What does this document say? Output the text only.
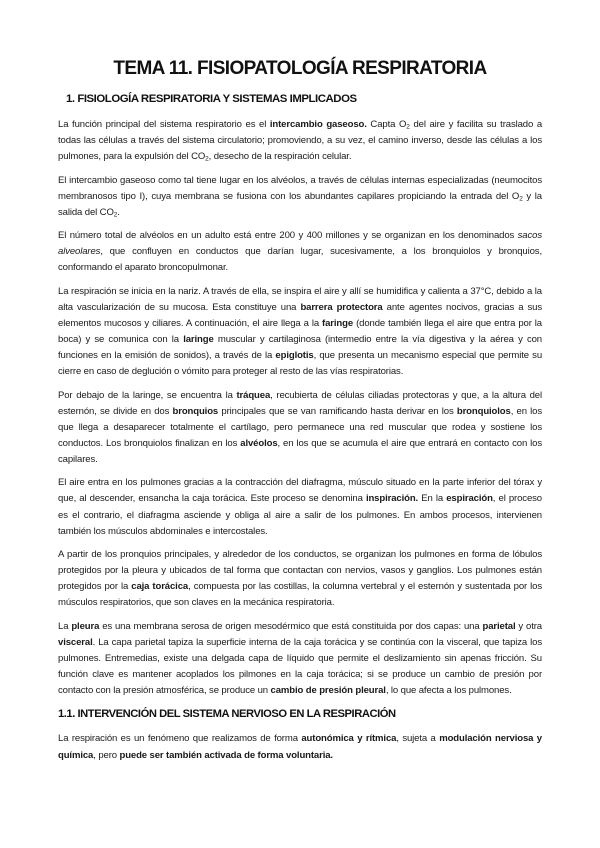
TEMA 11. FISIOPATOLOGÍA RESPIRATORIA
1. FISIOLOGÍA RESPIRATORIA Y SISTEMAS IMPLICADOS

La función principal del sistema respiratorio es el intercambio gaseoso. Capta $O_2$ del aire y facilita su traslado a todas las células a través del sistema circulatorio; promoviendo, a su vez, el camino inverso, desde las células a los pulmones, para la expulsión del $CO_2$, desecho de la respiración celular.

El intercambio gaseoso como tal tiene lugar en los alvéolos, a través de células internas especializadas (neumocitos membranosos tipo I), cuya membrana se fusiona con los abundantes capilares propiciando la entrada del $O_2$ y la salida del $CO_2$.

El número total de alvéolos en un adulto está entre 200 y 400 millones y se organizan en los denominados sacos alveolares, que confluyen en conductos que darían lugar, sucesivamente, a los bronquiolos y bronquios, conformando el aparato broncopulmonar.

La respiración se inicia en la nariz. A través de ella, se inspira el aire y allí se humidifica y calienta a 37°C, debido a la alta vascularización de su mucosa. Esta constituye una barrera protectora ante agentes nocivos, gracias a sus elementos mucosos y ciliares. A continuación, el aire llega a la faringe (donde también llega el aire que entra por la boca) y se comunica con la laringe muscular y cartilaginosa (intermedio entre la vía digestiva y la aérea y con funciones en la emisión de sonidos), a través de la epiglotis, que presenta un mecanismo especial que permite su cierre en caso de deglución o vómito para proteger al resto de las vías respiratorias.

Por debajo de la laringe, se encuentra la tráquea, recubierta de células ciliadas protectoras y que, a la altura del esternón, se divide en dos bronquios principales que se van ramificando hasta derivar en los bronquiolos, en los que llega a desaparecer totalmente el cartílago, pero permanece una red muscular que rodea y sostiene los conductos. Los bronquiolos finalizan en los alvéolos, en los que se acumula el aire que entrará en contacto con los capilares.

El aire entra en los pulmones gracias a la contracción del diafragma, músculo situado en la parte inferior del tórax y que, al descender, ensancha la caja torácica. Este proceso se denomina inspiración. En la espiración, el proceso es el contrario, el diafragma asciende y obliga al aire a salir de los pulmones. En ambos procesos, intervienen también los músculos abdominales e intercostales.

A partir de los pronquios principales, y alrededor de los conductos, se organizan los pulmones en forma de lóbulos protegidos por la pleura y ubicados de tal forma que contactan con nervios, vasos y ganglios. Los pulmones están protegidos por la caja torácica, compuesta por las costillas, la columna vertebral y el esternón y sustentada por los músculos respiratorios, que son claves en la mecánica respiratoria.

La pleura es una membrana serosa de origen mesodérmico que está constituida por dos capas: una parietal y otra visceral. La capa parietal tapiza la superficie interna de la caja torácica y se continúa con la visceral, que tapiza los pulmones. Entremedias, existe una delgada capa de líquido que permite el deslizamiento sin apenas fricción. Su función clave es mantener acoplados los pilmones en la caja torácica; si se produce un cambio de presión por contacto con la presión atmosférica, se produce un cambio de presión pleural, lo que afecta a los pulmones.

1.1. INTERVENCIÓN DEL SISTEMA NERVIOSO EN LA RESPIRACIÓN

La respiración es un fenómeno que realizamos de forma autonómica y rítmica, sujeta a modulación nerviosa y química, pero puede ser también activada de forma voluntaria.
